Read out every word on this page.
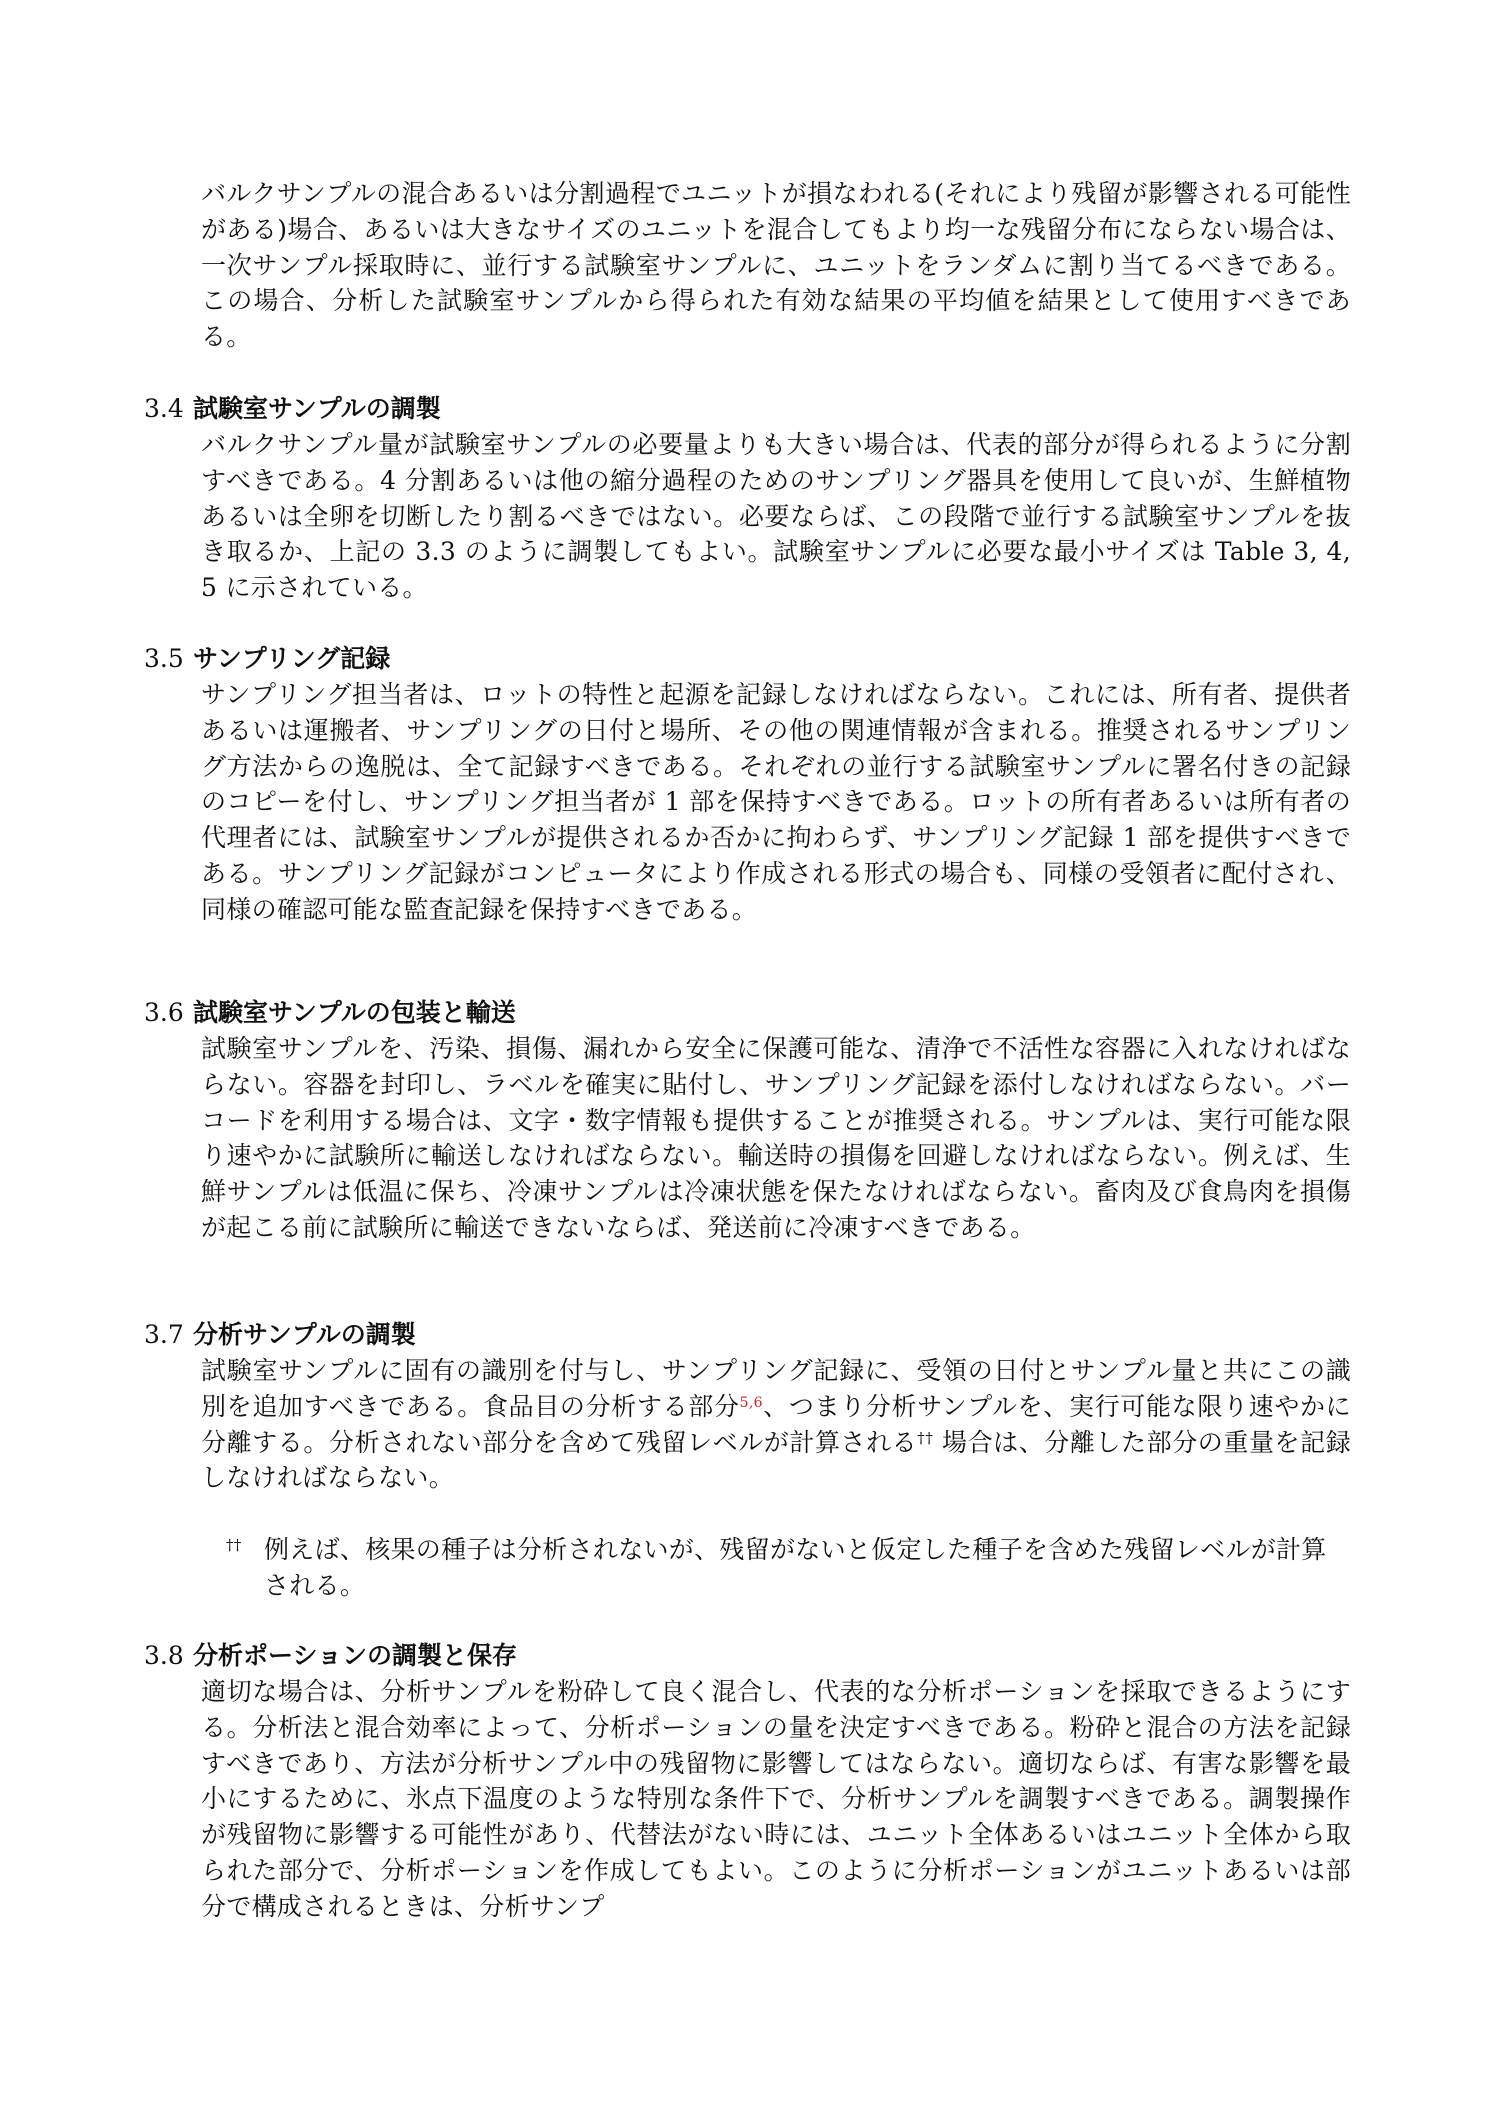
バルクサンプルの混合あるいは分割過程でユニットが損なわれる(それにより残留が影響される可能性がある)場合、あるいは大きなサイズのユニットを混合してもより均一な残留分布にならない場合は、一次サンプル採取時に、並行する試験室サンプルに、ユニットをランダムに割り当てるべきである。この場合、分析した試験室サンプルから得られた有効な結果の平均値を結果として使用すべきである。

3.4 試験室サンプルの調製

バルクサンプル量が試験室サンプルの必要量よりも大きい場合は、代表的部分が得られるように分割すべきである。4 分割あるいは他の縮分過程のためのサンプリング器具を使用して良いが、生鮮植物あるいは全卵を切断したり割るべきではない。必要ならば、この段階で並行する試験室サンプルを抜き取るか、上記の 3.3 のように調製してもよい。試験室サンプルに必要な最小サイズは Table 3, 4, 5 に示されている。

3.5 サンプリング記録

サンプリング担当者は、ロットの特性と起源を記録しなければならない。これには、所有者、提供者あるいは運搬者、サンプリングの日付と場所、その他の関連情報が含まれる。推奨されるサンプリング方法からの逸脱は、全て記録すべきである。それぞれの並行する試験室サンプルに署名付きの記録のコピーを付し、サンプリング担当者が 1 部を保持すべきである。ロットの所有者あるいは所有者の代理者には、試験室サンプルが提供されるか否かに拘わらず、サンプリング記録 1 部を提供すべきである。サンプリング記録がコンピュータにより作成される形式の場合も、同様の受領者に配付され、同様の確認可能な監査記録を保持すべきである。

3.6 試験室サンプルの包装と輸送

試験室サンプルを、汚染、損傷、漏れから安全に保護可能な、清浄で不活性な容器に入れなければならない。容器を封印し、ラベルを確実に貼付し、サンプリング記録を添付しなければならない。バーコードを利用する場合は、文字・数字情報も提供することが推奨される。サンプルは、実行可能な限り速やかに試験所に輸送しなければならない。輸送時の損傷を回避しなければならない。例えば、生鮮サンプルは低温に保ち、冷凍サンプルは冷凍状態を保たなければならない。畜肉及び食鳥肉を損傷が起こる前に試験所に輸送できないならば、発送前に冷凍すべきである。

3.7 分析サンプルの調製

試験室サンプルに固有の識別を付与し、サンプリング記録に、受領の日付とサンプル量と共にこの識別を追加すべきである。食品目の分析する部分$^{5,6}$、つまり分析サンプルを、実行可能な限り速やかに分離する。分析されない部分を含めて残留レベルが計算される†† 場合は、分離した部分の重量を記録しなければならない。

†† 例えば、核果の種子は分析されないが、残留がないと仮定した種子を含めた残留レベルが計算される。
3.8 分析ポーションの調製と保存

適切な場合は、分析サンプルを粉砕して良く混合し、代表的な分析ポーションを採取できるようにする。分析法と混合効率によって、分析ポーションの量を決定すべきである。粉砕と混合の方法を記録すべきであり、方法が分析サンプル中の残留物に影響してはならない。適切ならば、有害な影響を最小にするために、氷点下温度のような特別な条件下で、分析サンプルを調製すべきである。調製操作が残留物に影響する可能性があり、代替法がない時には、ユニット全体あるいはユニット全体から取られた部分で、分析ポーションを作成してもよい。このように分析ポーションがユニットあるいは部分で構成されるときは、分析サンプ
